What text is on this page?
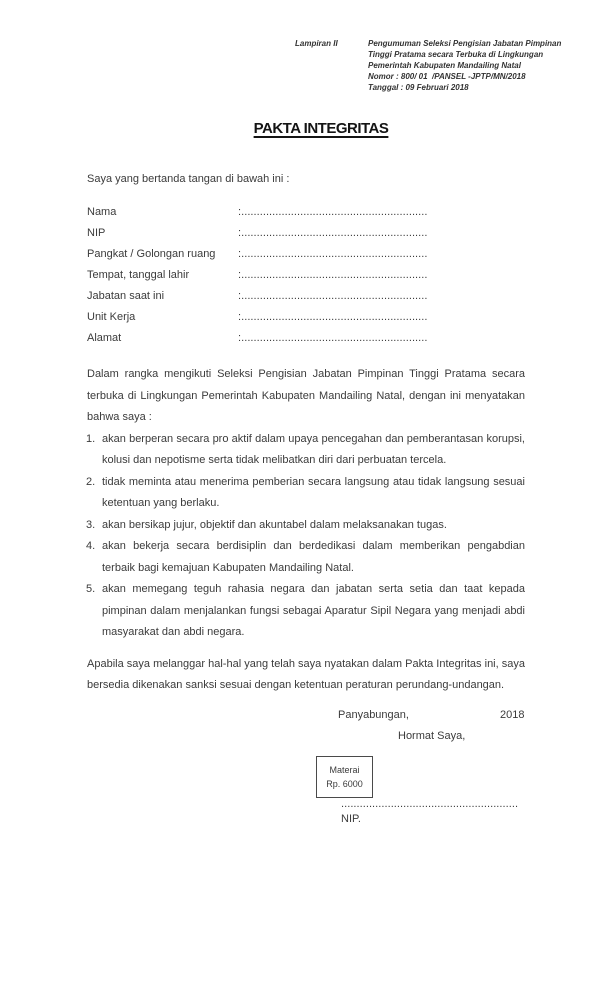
Lampiran II	Pengumuman Seleksi Pengisian Jabatan Pimpinan
Tinggi Pratama secara Terbuka di Lingkungan
Pemerintah Kabupaten Mandailing Natal
Nomor : 800/ 01  /PANSEL -JPTP/MN/2018
Tanggal : 09 Februari 2018
PAKTA INTEGRITAS

Saya yang bertanda tangan di bawah ini :

Nama	:............................................................
NIP	:............................................................
Pangkat / Golongan ruang	:............................................................
Tempat, tanggal lahir	:............................................................
Jabatan saat ini	:............................................................
Unit Kerja	:............................................................
Alamat	:............................................................

Dalam rangka mengikuti Seleksi Pengisian Jabatan Pimpinan Tinggi Pratama secara terbuka di Lingkungan Pemerintah Kabupaten Mandailing Natal, dengan ini menyatakan bahwa saya :

1. akan berperan secara pro aktif dalam upaya pencegahan dan pemberantasan korupsi, kolusi dan nepotisme serta tidak melibatkan diri dari perbuatan tercela.
2. tidak meminta atau menerima pemberian secara langsung atau tidak langsung sesuai ketentuan yang berlaku.
3. akan bersikap jujur, objektif dan akuntabel dalam melaksanakan tugas.
4. akan bekerja secara berdisiplin dan berdedikasi dalam memberikan pengabdian terbaik bagi kemajuan Kabupaten Mandailing Natal.
5. akan memegang teguh rahasia negara dan jabatan serta setia dan taat kepada pimpinan dalam menjalankan fungsi sebagai Aparatur Sipil Negara yang menjadi abdi masyarakat dan abdi negara.

Apabila saya melanggar hal-hal yang telah saya nyatakan dalam Pakta Integritas ini, saya bersedia dikenakan sanksi sesuai dengan ketentuan peraturan perundang-undangan.

Panyabungan,	2018
Hormat Saya,
Materai
Rp. 6000
.........................................................
NIP.
